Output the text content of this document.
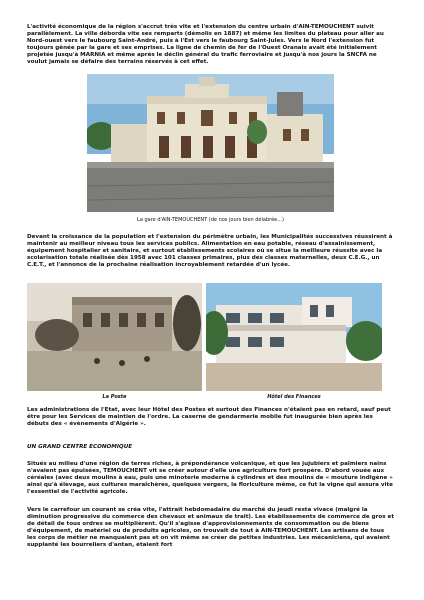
L'activité économique de la région s'accrut très vite et l'extension du centre urbain d'AIN-TEMOUCHENT suivit parallèlement. La ville déborda vite ses remparts (démolis en 1887) et même les limites du plateau pour aller au Nord-ouest vers le faubourg Saint-André, puis à l'Est vers le faubourg Saint-Jules. Vers le Nord l'extension fut toujours gênée par la gare et ses emprises. La ligne de chemin de fer de l'Ouest Oranais avait été initialement projetée jusqu'à MARNIA et même après le déclin général du trafic ferroviaire et jusqu'à nos jours la SNCFA ne voulut jamais se défaire des terrains réservés à cet effet.

La gare d'AIN-TEMOUCHENT (de nos jours bien délabrée...)

Devant la croissance de la population et l'extension du périmètre urbain, les Municipalités successives réussirent à maintenir au meilleur niveau tous les services publics. Alimentation en eau potable, réseau d'assainissement, équipement hospitalier et sanitaire, et surtout établissements scolaires où se situe la meilleure réussite avec la scolarisation totale réalisée dès 1958 avec 101 classes primaires, plus des classes maternelles, deux C.E.G., un C.E.T., et l'annonce de la prochaine réalisation incroyablement retardée d'un lycée.

La Poste	Hôtel des Finances

Les administrations de l'Etat, avec leur Hôtel des Postes et surtout des Finances n'étaient pas en retard, sauf peut être pour les Services de maintien de l'ordre. La caserne de gendarmerie mobile fut inaugurée bien après les débuts des « évènements d'Algérie ».

UN GRAND CENTRE ECONOMIQUE

Situés au milieu d'une région de terres riches, à prépondérance volcanique, et que les jujubiers et palmiers nains n'avaient pas épuisées, TEMOUCHENT vit se créer autour d'elle une agriculture fort prospère. D'abord vouée aux céréales (avec deux moulins à eau, puis une minoterie moderne à cylindres et des moulins de « mouture indigène » ainsi qu'à élevage, aux cultures maraîchères, quelques vergers, la floriculture même, ce fut la vigne qui assura vite l'essentiel de l'activité agricole.

Vers le carrefour un courant se créa vite, l'attrait hebdomadaire du marché du jeudi resta vivace (malgré la diminution progressive du commerce des chevaux et animaux de trait). Les établissements de commerce de gros et de détail de tous ordres se multiplièrent. Qu'il s'agisse d'approvisionnements de consommation ou de biens d'équipement, de matériel ou de produits agricoles, on trouvait de tout à AIN-TEMOUCHENT. Les artisans de tous les corps de métier ne manquaient pas et on vit même se créer de petites industries. Les mécaniciens, qui avaient supplanté les bourreliers d'antan, étaient fort
